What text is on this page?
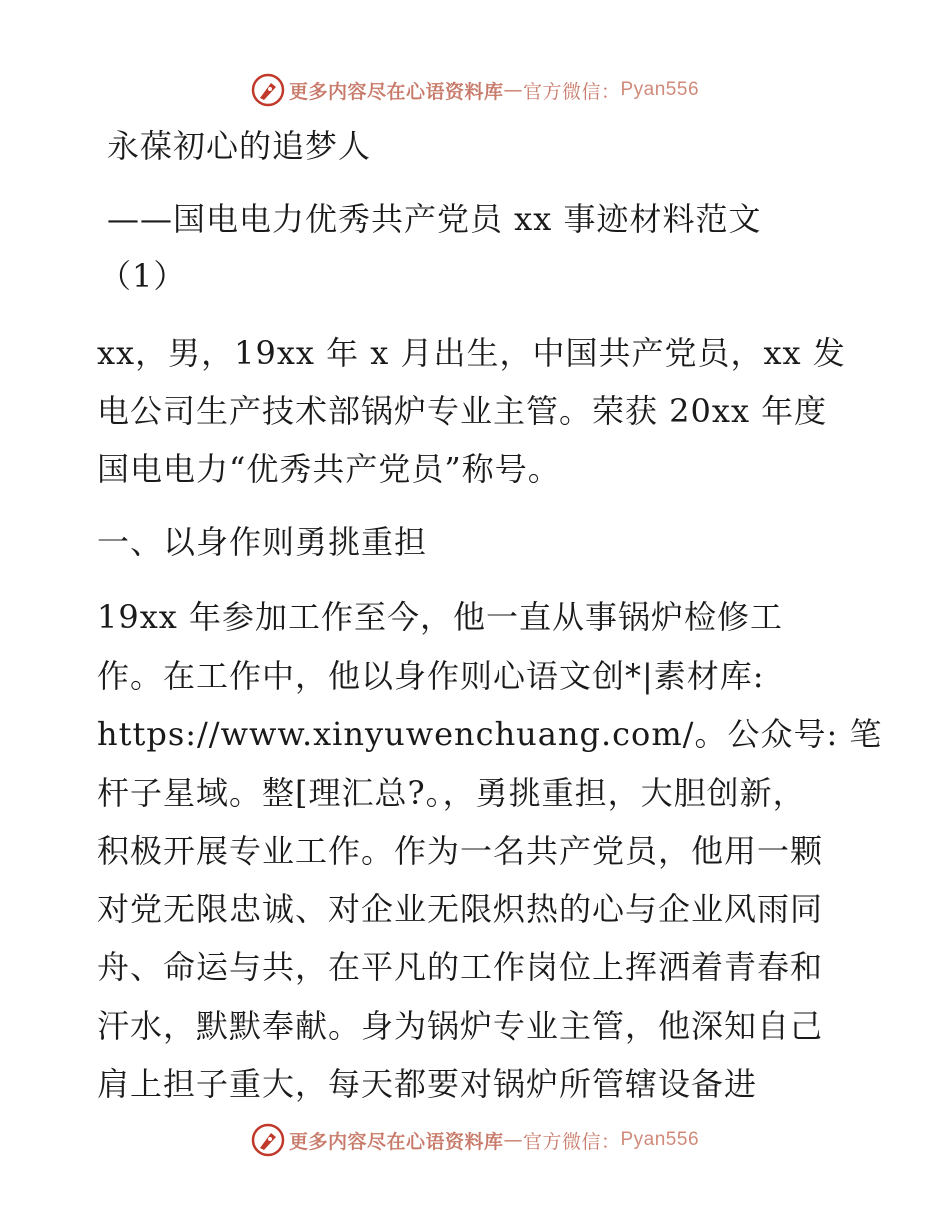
更多内容尽在心语资料库 — 官方微信： Pyan556
永葆初心的追梦人
——国电电力优秀共产党员 xx 事迹材料范文
（1）
xx，男，19xx 年 x 月出生，中国共产党员，xx 发
电公司生产技术部锅炉专业主管。荣获 20xx 年度
国电电力“优秀共产党员”称号。
一、以身作则勇挑重担
19xx 年参加工作至今，他一直从事锅炉检修工
作。在工作中，他以身作则心语文创*|素材库:
https://www.xinyuwenchuang.com/。公众号: 笔
杆子星域。整[理汇总?。，勇挑重担，大胆创新，
积极开展专业工作。作为一名共产党员，他用一颗
对党无限忠诚、对企业无限炽热的心与企业风雨同
舟、命运与共，在平凡的工作岗位上挥洒着青春和
汗水，默默奉献。身为锅炉专业主管，他深知自己
肩上担子重大，每天都要对锅炉所管辖设备进
更多内容尽在心语资料库 — 官方微信： Pyan556
